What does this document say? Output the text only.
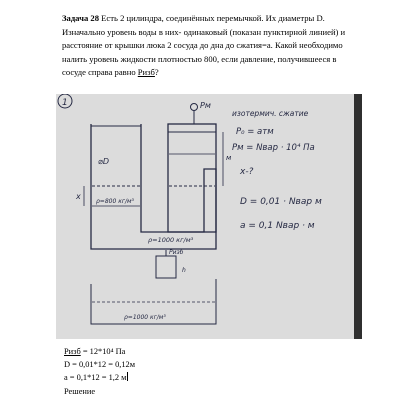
Задача 28 Есть 2 цилиндра, соединённых перемычкой. Их диаметры D. Изначально уровень воды в них- одинаковый (показан пунктирной линией) и расстояние от крышки люка 2 сосуда до дна до сжатия=а. Какой необходимо налить уровень жидкости плотностью 800, если давление, получившееся в сосуде справа равно Ризб?
1	Рм
м
x
⌀D
ρ=800 кг/м³
ρ=1000 кг/м³
изотермич. сжатие
Р₀ = атм
Рм = Nвар · 10⁴ Па
x-?
D = 0,01 · Nвар м
a = 0,1 Nвар · м
Ризб
h
ρ=1000 кг/м³
Ризб = 12*10⁴ Па
D = 0,01*12 = 0,12м
a = 0,1*12 = 1,2 м
Решение
